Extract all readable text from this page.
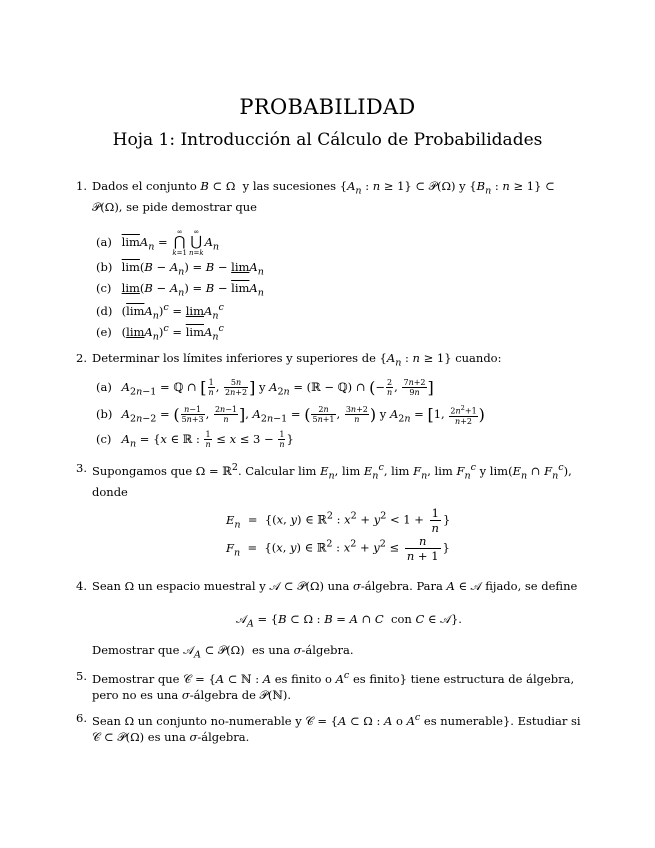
PROBABILIDAD
Hoja 1: Introducción al Cálculo de Probabilidades
1. Dados el conjunto B ⊂ Ω  y las sucesiones {$A_n$ : n ≥ 1} ⊂ 𝒫(Ω) y {$B_n$ : n ≥ 1} ⊂ 𝒫(Ω), se pide demostrar que
(a) $\overline{lim}A_n$ = ∞
⋂
k=1∞
⋃
$n=kA_n$
(b) $\overline{lim}(B - A_n) = B - \lim A_n$
(c) $\lim(B - A_n) = B - \overline{lim}A_n$
(d) $(\overline{lim}A_n)^c = \lim A_n^c$
(e) $(\lim A_n)^c = \overline{lim}A_n^c$
2. Determinar los límites inferiores y superiores de {$A_n$ : n ≥ 1} cuando:
(a) $A_{2n-1}$ = ℚ ∩ [ $\frac{1}{n}$ , $\frac{5n}{2n+2}$ ] y $A_{2n}$ = (ℝ − ℚ) ∩ (− $\frac{2}{n}$ , $\frac{7n+2}{9n}$ ]
(b) $A_{2n-2}$ = ( $\frac{n-1}{5n+3}$ , $\frac{2n-1}{n}$ ], $A_{2n-1}$ = ( $\frac{2n}{5n+1}$ , $\frac{3n+2}{n}$ ) y $A_{2n} = [1$, $\frac{2n^2+1}{n+2}$ )
(c) $A_n = \{x$ ∈ ℝ : $\frac{1}{n} \le x \le 3 - \frac{1}{n}$ }
3. Supongamos que Ω = ℝ$^2$. Calcular $\lim E_n$, $\lim E_n^c$, $\lim F_n$, $\lim F_n^c$ y $\lim(E_n$ ∩ $F_n^c$), donde
$E_n = \{(x$, y) ∈ ℝ$^2$ : $x^2 + y^2 < 1 + \frac{1}{n}$ }
$F_n = \{(x$, y) ∈ ℝ$^2$ : $x^2 + y^2 \le \frac{n}{n + 1}$ }
4. Sean Ω un espacio muestral y 𝒜 ⊂ 𝒫(Ω) una σ-álgebra. Para A ∈ 𝒜 fijado, se define
𝒜$_A$ = {B ⊂ Ω : B = A ∩ C  con C ∈ 𝒜}.
Demostrar que 𝒜$_A$ ⊂ 𝒫(Ω)  es una σ-álgebra.
5. Demostrar que 𝒞 = {A ⊂ ℕ : A es finito o $A^c$ es finito} tiene estructura de álgebra, pero no es una σ-álgebra de 𝒫(ℕ).
6. Sean Ω un conjunto no-numerable y 𝒞 = {A ⊂ Ω : A o $A^c$ es numerable}. Estudiar si 𝒞 ⊂ 𝒫(Ω) es una σ-álgebra.
